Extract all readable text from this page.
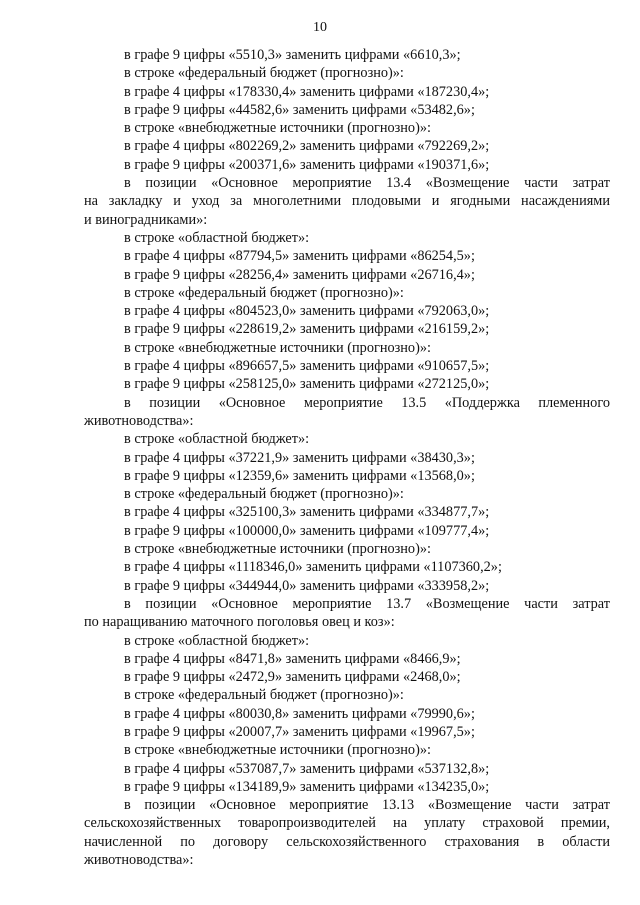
10
в графе 9 цифры «5510,3» заменить цифрами «6610,3»;
в строке «федеральный бюджет (прогнозно)»:
в графе 4 цифры «178330,4» заменить цифрами «187230,4»;
в графе 9 цифры «44582,6» заменить цифрами «53482,6»;
в строке «внебюджетные источники (прогнозно)»:
в графе 4 цифры «802269,2» заменить цифрами «792269,2»;
в графе 9 цифры «200371,6» заменить цифрами «190371,6»;
в позиции «Основное мероприятие 13.4 «Возмещение части затрат
на закладку и уход за многолетними плодовыми и ягодными насаждениями
и виноградниками»:
в строке «областной бюджет»:
в графе 4 цифры «87794,5» заменить цифрами «86254,5»;
в графе 9 цифры «28256,4» заменить цифрами «26716,4»;
в строке «федеральный бюджет (прогнозно)»:
в графе 4 цифры «804523,0» заменить цифрами «792063,0»;
в графе 9 цифры «228619,2» заменить цифрами «216159,2»;
в строке «внебюджетные источники (прогнозно)»:
в графе 4 цифры «896657,5» заменить цифрами «910657,5»;
в графе 9 цифры «258125,0» заменить цифрами «272125,0»;
в позиции «Основное мероприятие 13.5 «Поддержка племенного
животноводства»:
в строке «областной бюджет»:
в графе 4 цифры «37221,9» заменить цифрами «38430,3»;
в графе 9 цифры «12359,6» заменить цифрами «13568,0»;
в строке «федеральный бюджет (прогнозно)»:
в графе 4 цифры «325100,3» заменить цифрами «334877,7»;
в графе 9 цифры «100000,0» заменить цифрами «109777,4»;
в строке «внебюджетные источники (прогнозно)»:
в графе 4 цифры «1118346,0» заменить цифрами «1107360,2»;
в графе 9 цифры «344944,0» заменить цифрами «333958,2»;
в позиции «Основное мероприятие 13.7 «Возмещение части затрат
по наращиванию маточного поголовья овец и коз»:
в строке «областной бюджет»:
в графе 4 цифры «8471,8» заменить цифрами «8466,9»;
в графе 9 цифры «2472,9» заменить цифрами «2468,0»;
в строке «федеральный бюджет (прогнозно)»:
в графе 4 цифры «80030,8» заменить цифрами «79990,6»;
в графе 9 цифры «20007,7» заменить цифрами «19967,5»;
в строке «внебюджетные источники (прогнозно)»:
в графе 4 цифры «537087,7» заменить цифрами «537132,8»;
в графе 9 цифры «134189,9» заменить цифрами «134235,0»;
в позиции «Основное мероприятие 13.13 «Возмещение части затрат
сельскохозяйственных товаропроизводителей на уплату страховой премии,
начисленной по договору сельскохозяйственного страхования в области
животноводства»:
